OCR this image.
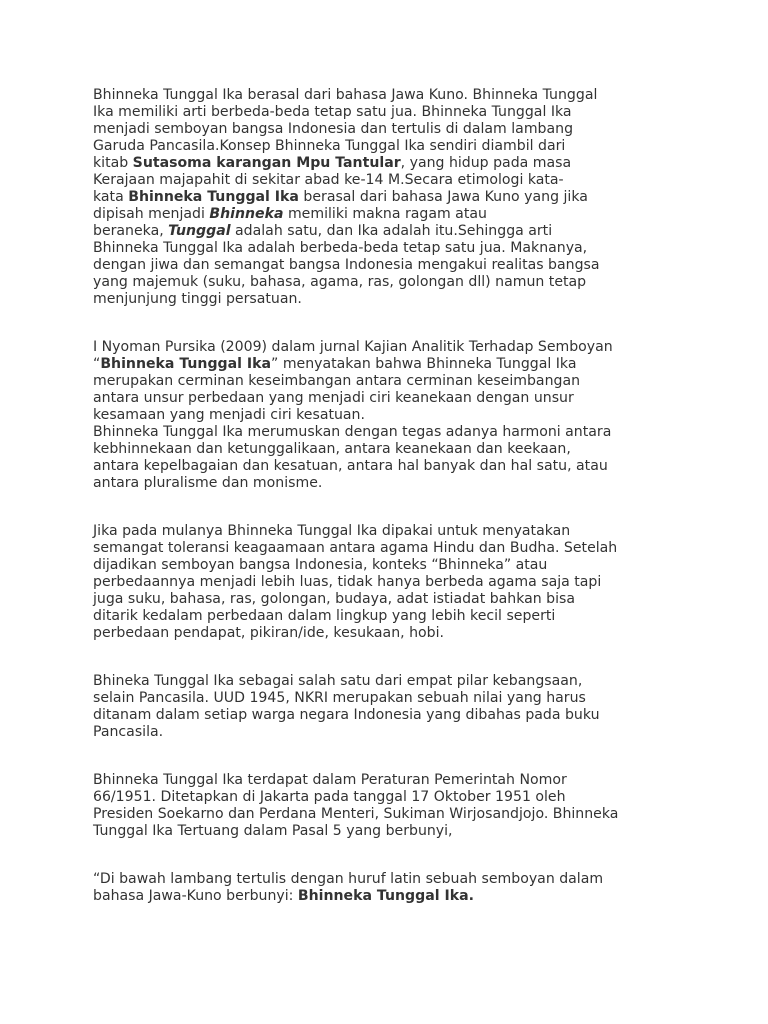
Bhinneka Tunggal Ika berasal dari bahasa Jawa Kuno. Bhinneka Tunggal
Ika memiliki arti berbeda-beda tetap satu jua. Bhinneka Tunggal Ika
menjadi semboyan bangsa Indonesia dan tertulis di dalam lambang
Garuda Pancasila.Konsep Bhinneka Tunggal Ika sendiri diambil dari
kitab Sutasoma karangan Mpu Tantular, yang hidup pada masa
Kerajaan majapahit di sekitar abad ke-14 M.Secara etimologi kata-
kata Bhinneka Tunggal Ika berasal dari bahasa Jawa Kuno yang jika
dipisah menjadi Bhinneka memiliki makna ragam atau
beraneka, Tunggal adalah satu, dan Ika adalah itu.Sehingga arti
Bhinneka Tunggal Ika adalah berbeda-beda tetap satu jua. Maknanya,
dengan jiwa dan semangat bangsa Indonesia mengakui realitas bangsa
yang majemuk (suku, bahasa, agama, ras, golongan dll) namun tetap
menjunjung tinggi persatuan.

I Nyoman Pursika (2009) dalam jurnal Kajian Analitik Terhadap Semboyan
“Bhinneka Tunggal Ika” menyatakan bahwa Bhinneka Tunggal Ika
merupakan cerminan keseimbangan antara cerminan keseimbangan
antara unsur perbedaan yang menjadi ciri keanekaan dengan unsur
kesamaan yang menjadi ciri kesatuan.

Bhinneka Tunggal Ika merumuskan dengan tegas adanya harmoni antara
kebhinnekaan dan ketunggalikaan, antara keanekaan dan keekaan,
antara kepelbagaian dan kesatuan, antara hal banyak dan hal satu, atau
antara pluralisme dan monisme.

Jika pada mulanya Bhinneka Tunggal Ika dipakai untuk menyatakan
semangat toleransi keagaamaan antara agama Hindu dan Budha. Setelah
dijadikan semboyan bangsa Indonesia, konteks “Bhinneka” atau
perbedaannya menjadi lebih luas, tidak hanya berbeda agama saja tapi
juga suku, bahasa, ras, golongan, budaya, adat istiadat bahkan bisa
ditarik kedalam perbedaan dalam lingkup yang lebih kecil seperti
perbedaan pendapat, pikiran/ide, kesukaan, hobi.

Bhineka Tunggal Ika sebagai salah satu dari empat pilar kebangsaan,
selain Pancasila. UUD 1945, NKRI merupakan sebuah nilai yang harus
ditanam dalam setiap warga negara Indonesia yang dibahas pada buku
Pancasila.

Bhinneka Tunggal Ika terdapat dalam Peraturan Pemerintah Nomor
66/1951. Ditetapkan di Jakarta pada tanggal 17 Oktober 1951 oleh
Presiden Soekarno dan Perdana Menteri, Sukiman Wirjosandjojo. Bhinneka
Tunggal Ika Tertuang dalam Pasal 5 yang berbunyi,

“Di bawah lambang tertulis dengan huruf latin sebuah semboyan dalam
bahasa Jawa-Kuno berbunyi: Bhinneka Tunggal Ika.
